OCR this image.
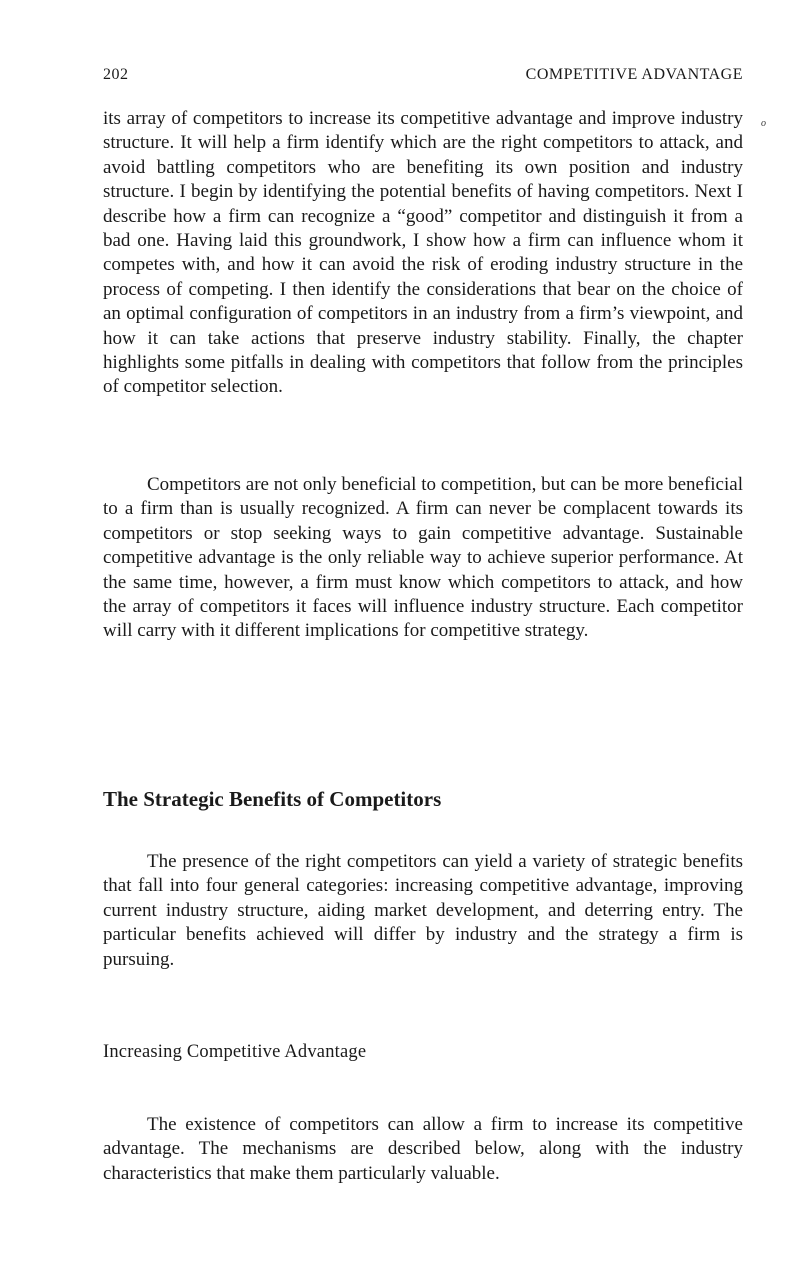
202	COMPETITIVE ADVANTAGE
o

its array of competitors to increase its competitive advantage and improve industry structure. It will help a firm identify which are the right competitors to attack, and avoid battling competitors who are benefiting its own position and industry structure. I begin by identifying the potential benefits of having competitors. Next I describe how a firm can recognize a “good” competitor and distinguish it from a bad one. Having laid this groundwork, I show how a firm can influence whom it competes with, and how it can avoid the risk of eroding industry structure in the process of competing. I then identify the considerations that bear on the choice of an optimal configuration of competitors in an industry from a firm’s viewpoint, and how it can take actions that preserve industry stability. Finally, the chapter highlights some pitfalls in dealing with competitors that follow from the principles of competitor selection.

Competitors are not only beneficial to competition, but can be more beneficial to a firm than is usually recognized. A firm can never be complacent towards its competitors or stop seeking ways to gain competitive advantage. Sustainable competitive advantage is the only reliable way to achieve superior performance. At the same time, however, a firm must know which competitors to attack, and how the array of competitors it faces will influence industry structure. Each competitor will carry with it different implications for competitive strategy.

The Strategic Benefits of Competitors

The presence of the right competitors can yield a variety of strategic benefits that fall into four general categories: increasing competitive advantage, improving current industry structure, aiding market development, and deterring entry. The particular benefits achieved will differ by industry and the strategy a firm is pursuing.

Increasing Competitive Advantage

The existence of competitors can allow a firm to increase its competitive advantage. The mechanisms are described below, along with the industry characteristics that make them particularly valuable.
